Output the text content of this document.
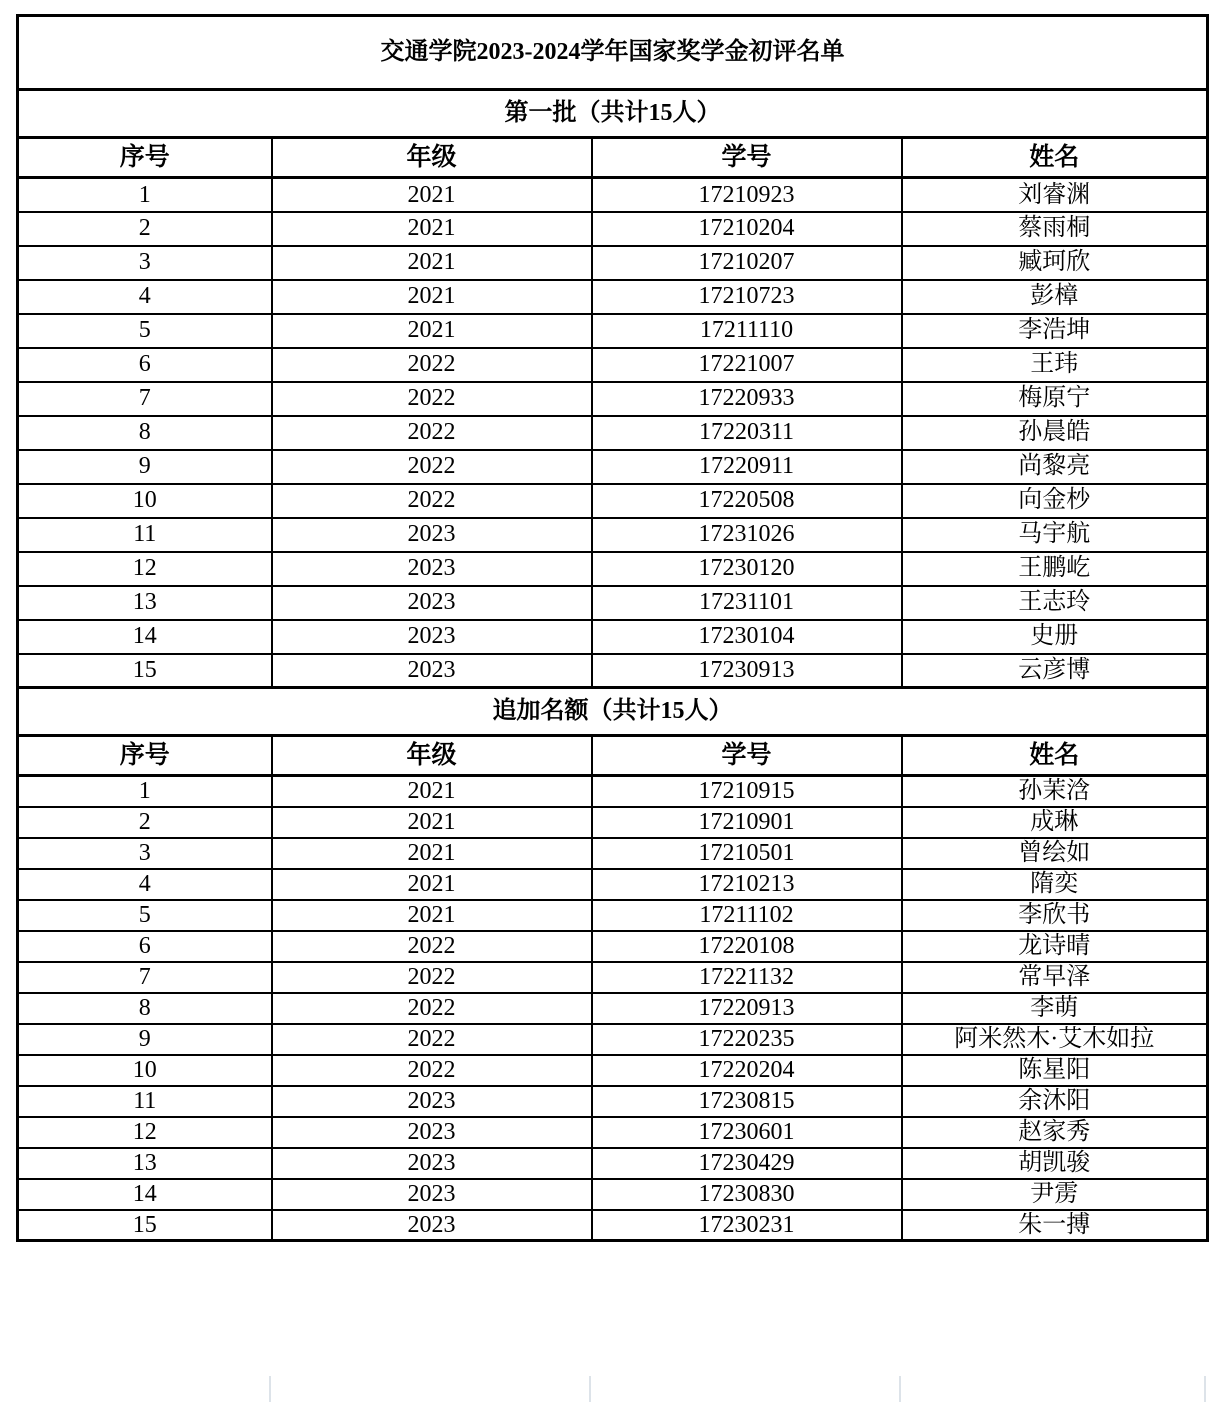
交通学院2023-2024学年国家奖学金初评名单			
第一批（共计15人）			
序号	年级	学号	姓名
1	2021	17210923	刘睿渊
2	2021	17210204	蔡雨桐
3	2021	17210207	臧珂欣
4	2021	17210723	彭樟
5	2021	17211110	李浩坤
6	2022	17221007	王玮
7	2022	17220933	梅原宁
8	2022	17220311	孙晨皓
9	2022	17220911	尚黎亮
10	2022	17220508	向金杪
11	2023	17231026	马宇航
12	2023	17230120	王鹏屹
13	2023	17231101	王志玲
14	2023	17230104	史册
15	2023	17230913	云彦博
追加名额（共计15人）			
序号	年级	学号	姓名
1	2021	17210915	孙茉浛
2	2021	17210901	成琳
3	2021	17210501	曾绘如
4	2021	17210213	隋奕
5	2021	17211102	李欣书
6	2022	17220108	龙诗晴
7	2022	17221132	常早泽
8	2022	17220913	李萌
9	2022	17220235	阿米然木·艾木如拉
10	2022	17220204	陈星阳
11	2023	17230815	余沐阳
12	2023	17230601	赵家秀
13	2023	17230429	胡凯骏
14	2023	17230830	尹雳
15	2023	17230231	朱一搏
